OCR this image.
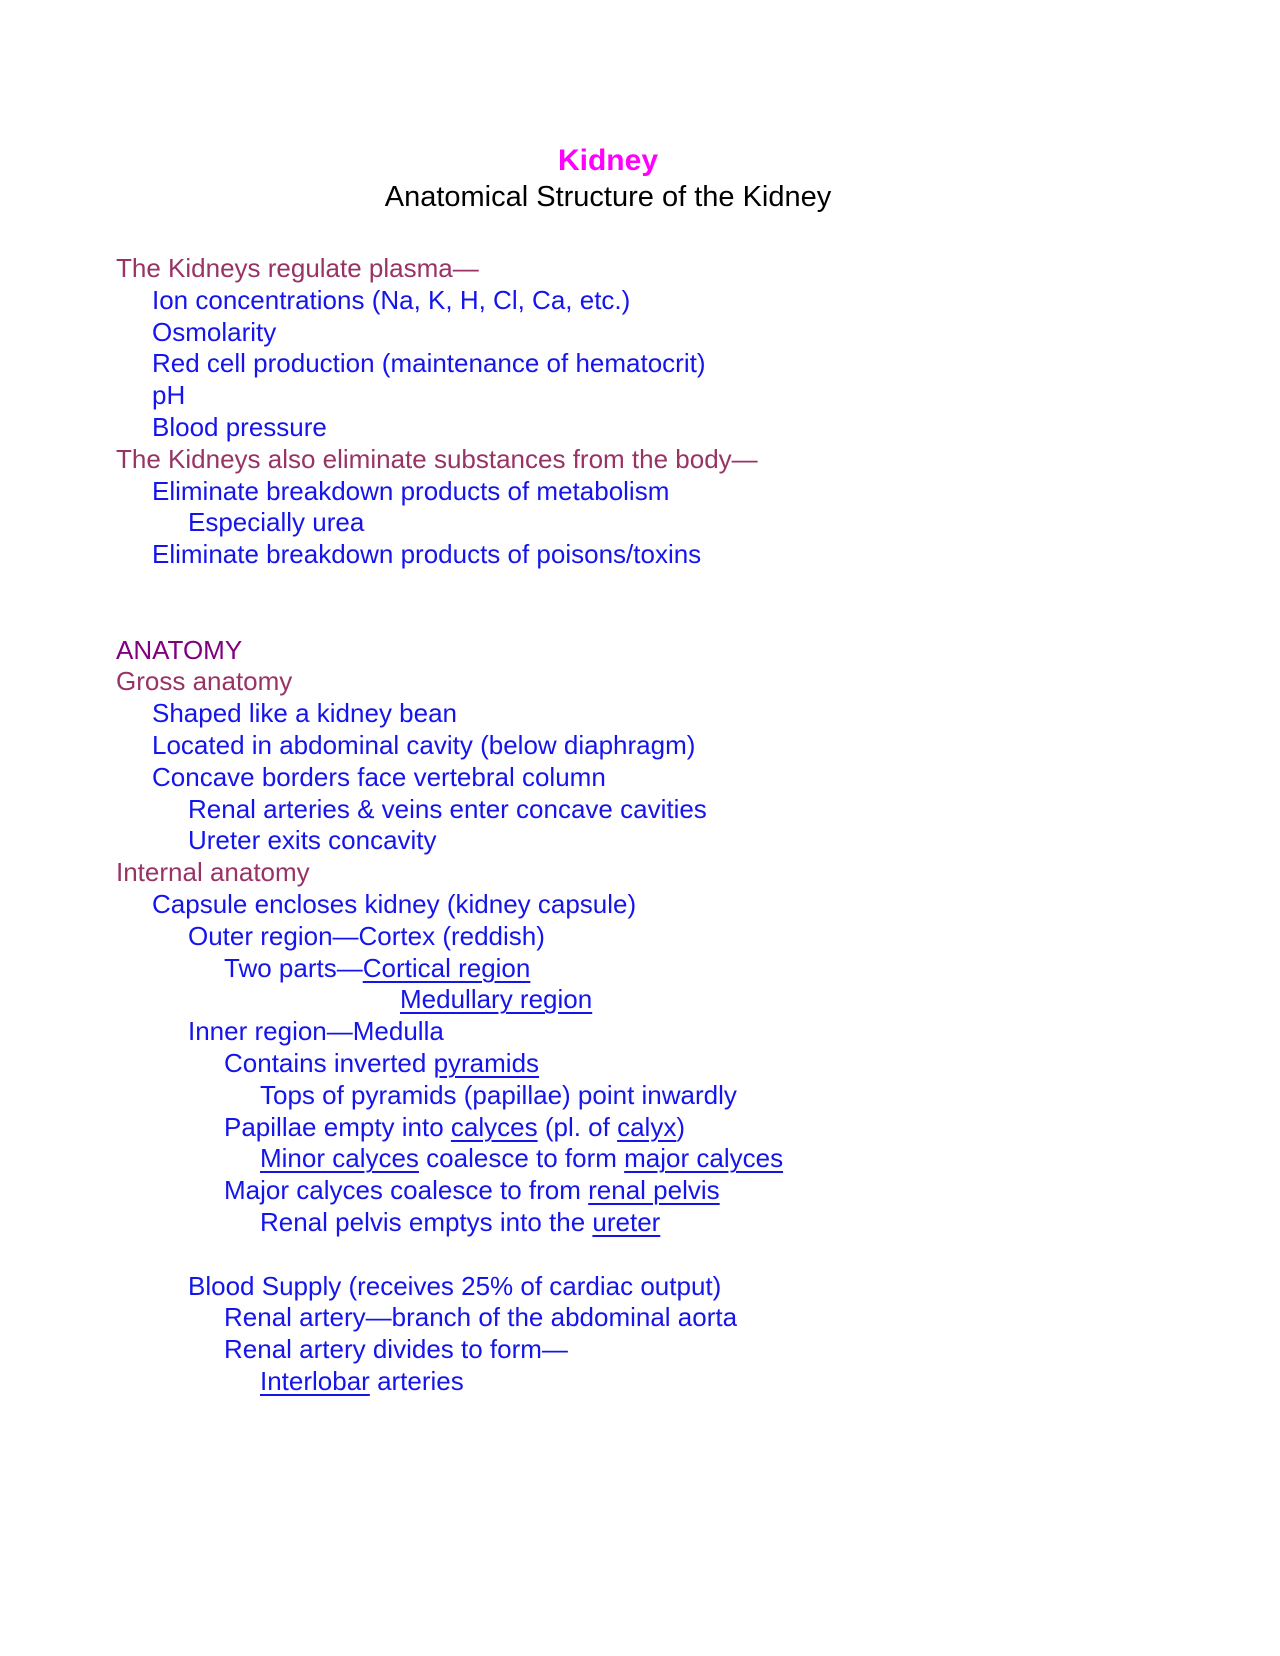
Kidney
Anatomical Structure of the Kidney
The Kidneys regulate plasma—
Ion concentrations (Na, K, H, Cl, Ca, etc.)
Osmolarity
Red cell production (maintenance of hematocrit)
pH
Blood pressure
The Kidneys also eliminate substances from the body—
Eliminate breakdown products of metabolism
Especially urea
Eliminate breakdown products of poisons/toxins

ANATOMY
Gross anatomy
Shaped like a kidney bean
Located in abdominal cavity (below diaphragm)
Concave borders face vertebral column
Renal arteries & veins enter concave cavities
Ureter exits concavity
Internal anatomy
Capsule encloses kidney (kidney capsule)
Outer region—Cortex (reddish)
Two parts—Cortical region
Medullary region
Inner region—Medulla
Contains inverted pyramids
Tops of pyramids (papillae) point inwardly
Papillae empty into calyces (pl. of calyx)
Minor calyces coalesce to form major calyces
Major calyces coalesce to from renal pelvis
Renal pelvis emptys into the ureter

Blood Supply (receives 25% of cardiac output)
Renal artery—branch of the abdominal aorta
Renal artery divides to form—
Interlobar arteries
